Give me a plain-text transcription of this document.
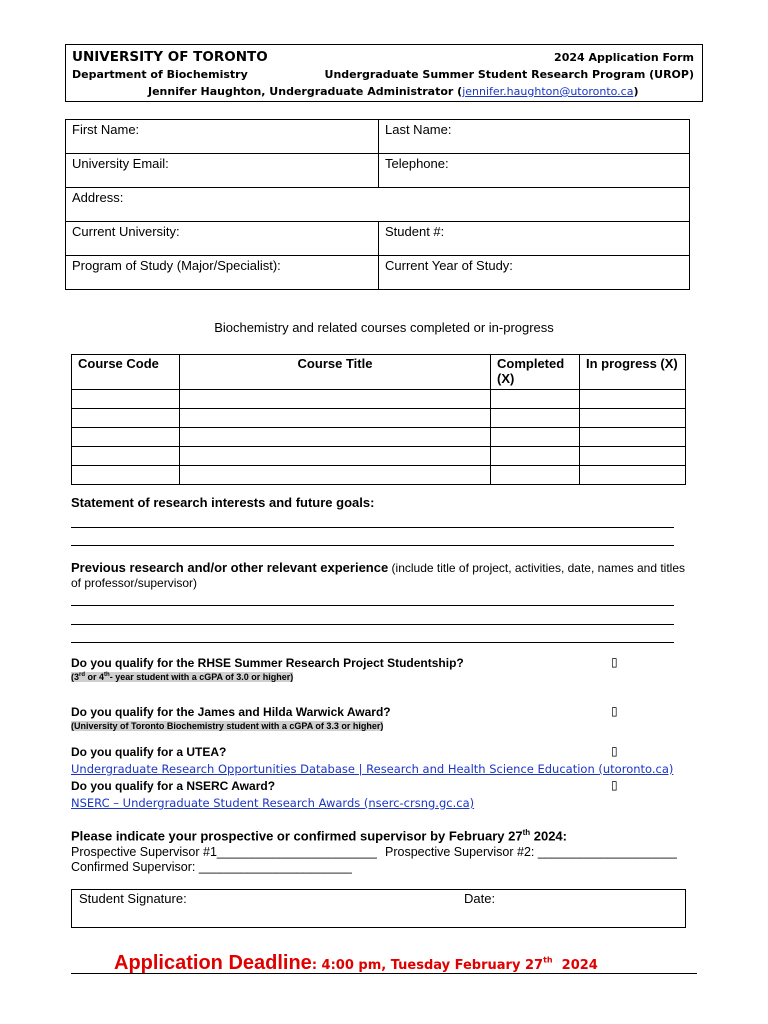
UNIVERSITY OF TORONTO	2024 Application Form
Department of Biochemistry	Undergraduate Summer Student Research Program (UROP)
Jennifer Haughton, Undergraduate Administrator (jennifer.haughton@utoronto.ca)
First Name:	Last Name:
University Email:	Telephone:
Address:	
Current University:	Student #:
Program of Study (Major/Specialist):	Current Year of Study:
Biochemistry and related courses completed or in-progress
Course Code	Course Title	Completed (X)	In progress (X)

Statement of research interests and future goals:
Previous research and/or other relevant experience (include title of project, activities, date, names and titles of professor/supervisor)
Do you qualify for the RHSE Summer Research Project Studentship?
(3rd or 4th- year student with a cGPA of 3.0 or higher)
▯
Do you qualify for the James and Hilda Warwick Award?
(University of Toronto Biochemistry student with a cGPA of 3.3 or higher)
▯
Do you qualify for a UTEA?	▯
Undergraduate Research Opportunities Database | Research and Health Science Education (utoronto.ca)
Do you qualify for a NSERC Award?	▯
NSERC – Undergraduate Student Research Awards (nserc-crsng.gc.ca)
Please indicate your prospective or confirmed supervisor by February 27th 2024:
Prospective Supervisor #1_______________________ Prospective Supervisor #2: ____________________
Confirmed Supervisor: ______________________
Student Signature:	Date:
Application Deadline: 4:00 pm, Tuesday February 27th  2024
